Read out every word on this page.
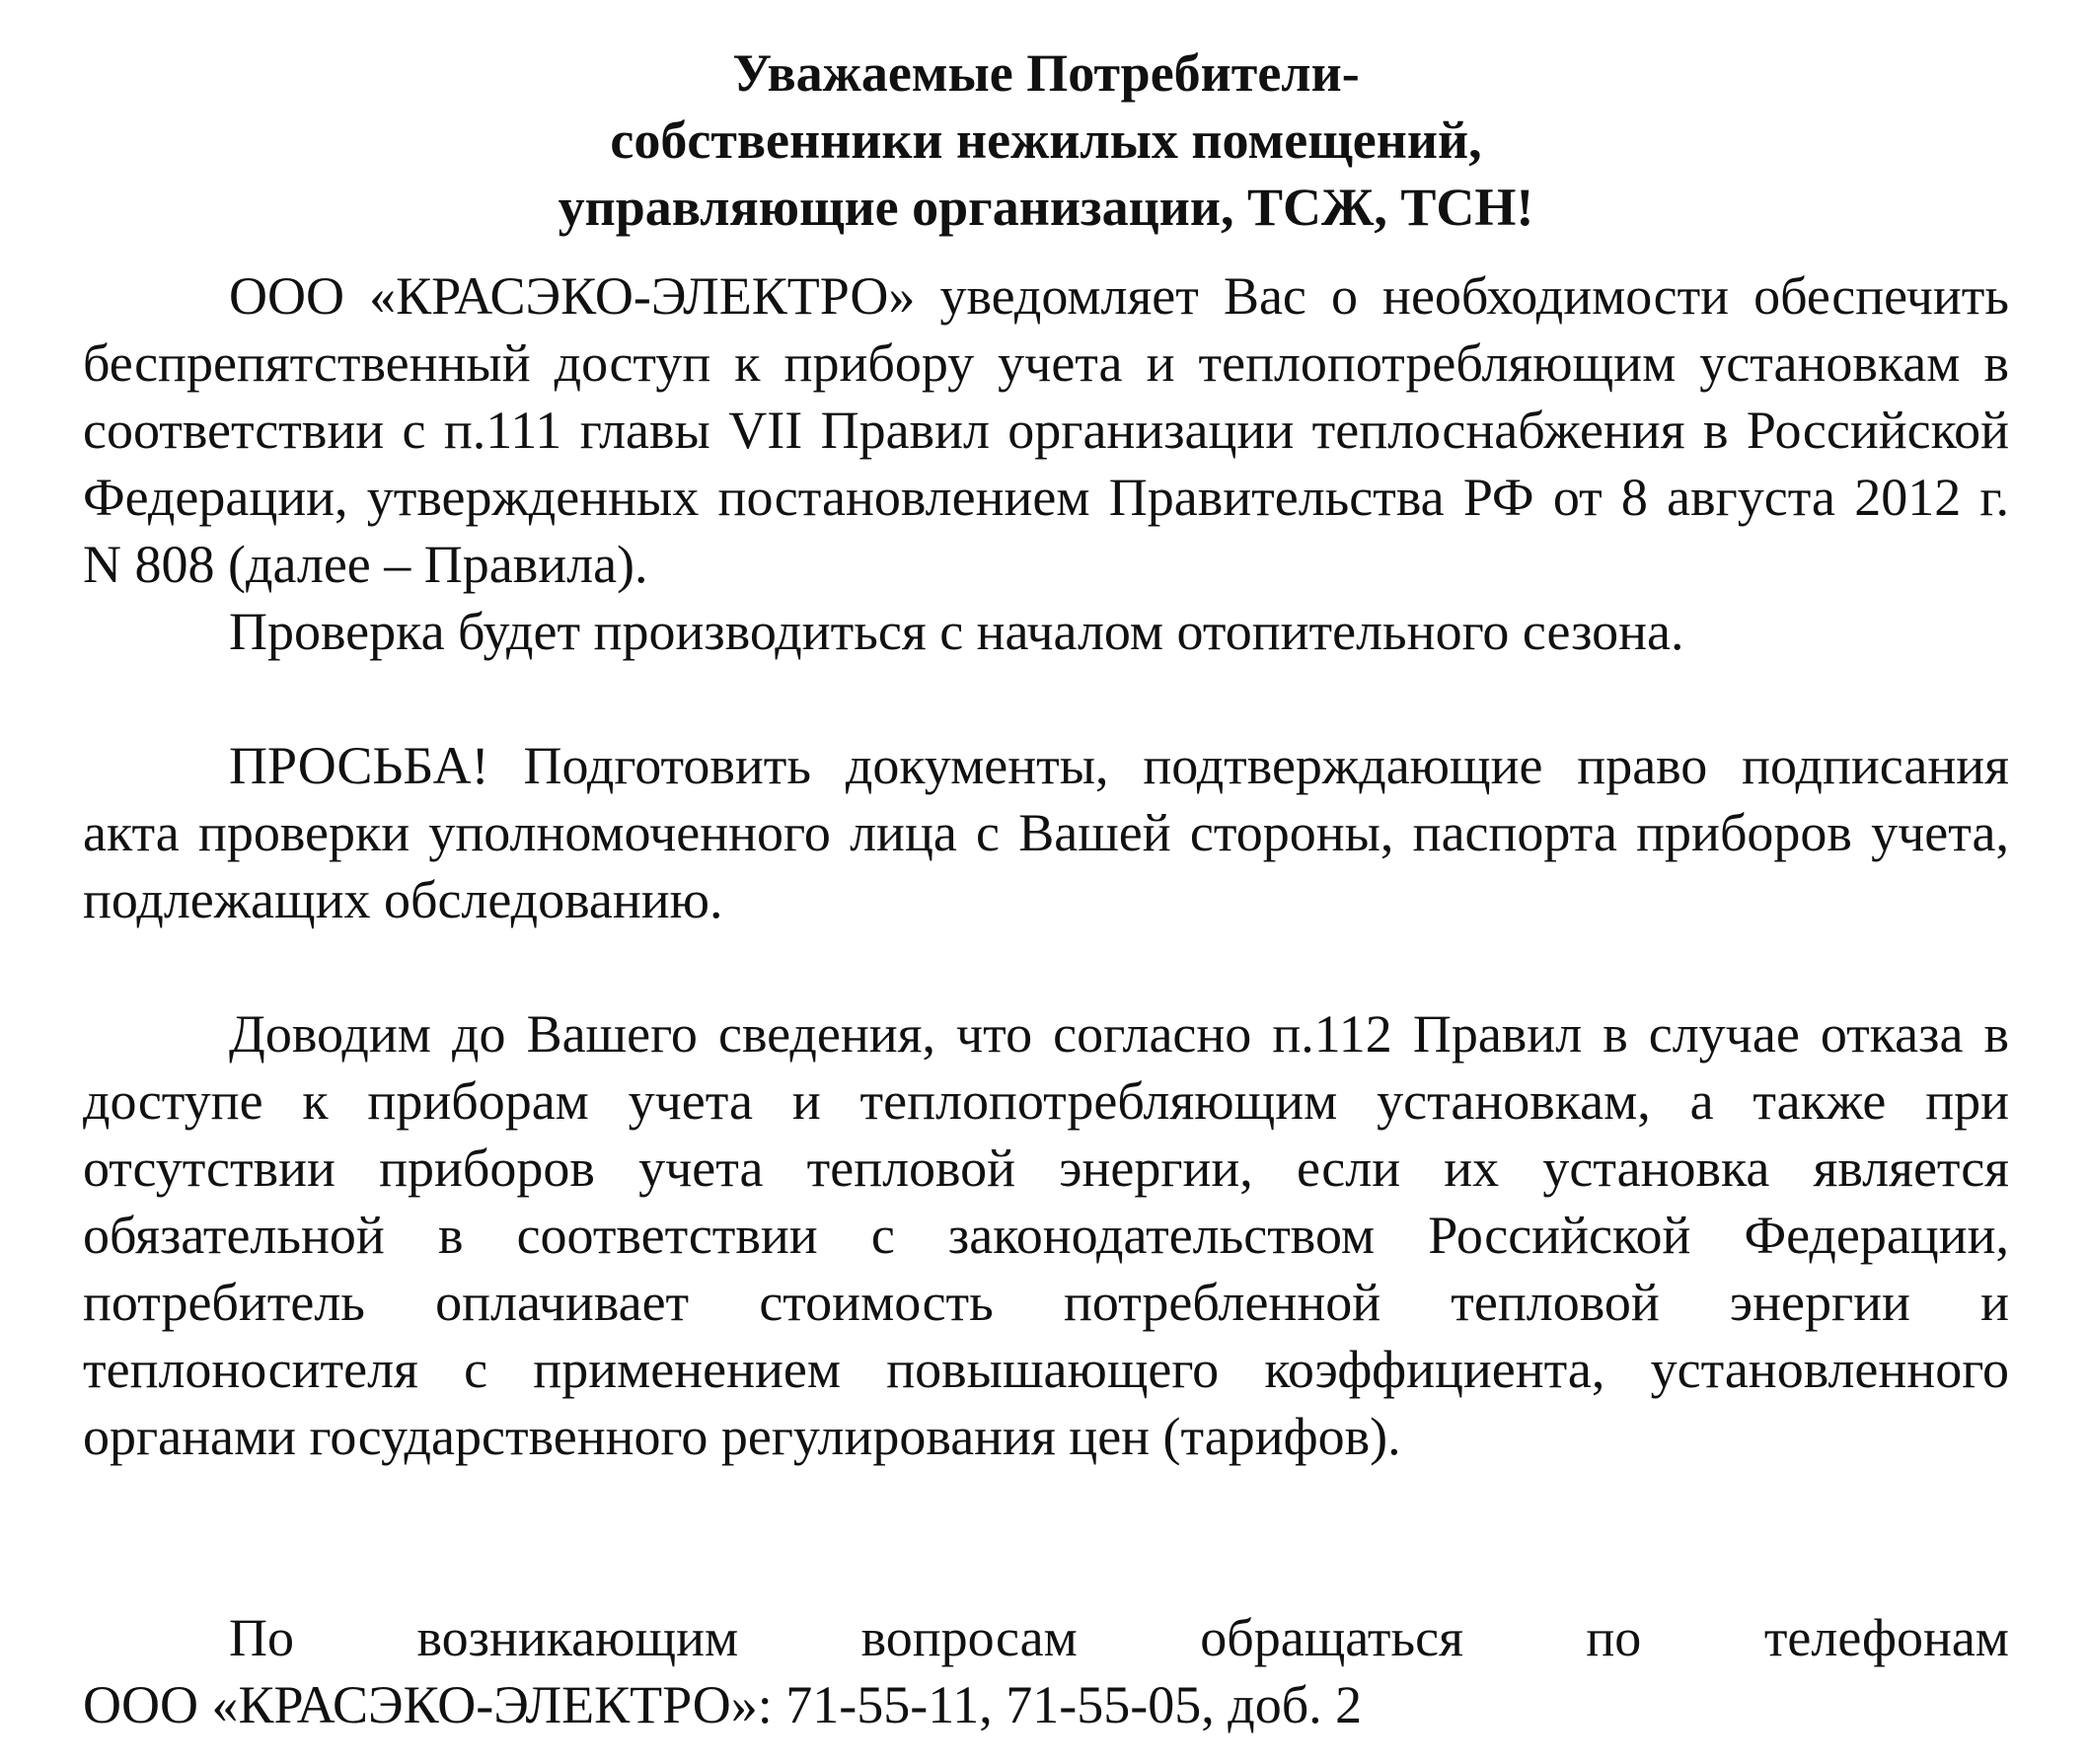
Уважаемые Потребители-
собственники нежилых помещений,
управляющие организации, ТСЖ, ТСН!

ООО «КРАСЭКО-ЭЛЕКТРО» уведомляет Вас о необходимости обеспечить беспрепятственный доступ к прибору учета и теплопотребляющим установкам в соответствии с п.111 главы VII Правил организации теплоснабжения в Российской Федерации, утвержденных постановлением Правительства РФ от 8 августа 2012 г. N 808 (далее – Правила).

Проверка будет производиться с началом отопительного сезона.

ПРОСЬБА! Подготовить документы, подтверждающие право подписания акта проверки уполномоченного лица с Вашей стороны, паспорта приборов учета, подлежащих обследованию.

Доводим до Вашего сведения, что согласно п.112 Правил в случае отказа в доступе к приборам учета и теплопотребляющим установкам, а также при отсутствии приборов учета тепловой энергии, если их установка является обязательной в соответствии с законодательством Российской Федерации, потребитель оплачивает стоимость потребленной тепловой энергии и теплоносителя с применением повышающего коэффициента, установленного органами государственного регулирования цен (тарифов).

По возникающим вопросам обращаться по телефонам

ООО «КРАСЭКО-ЭЛЕКТРО»: 71-55-11, 71-55-05, доб. 2
